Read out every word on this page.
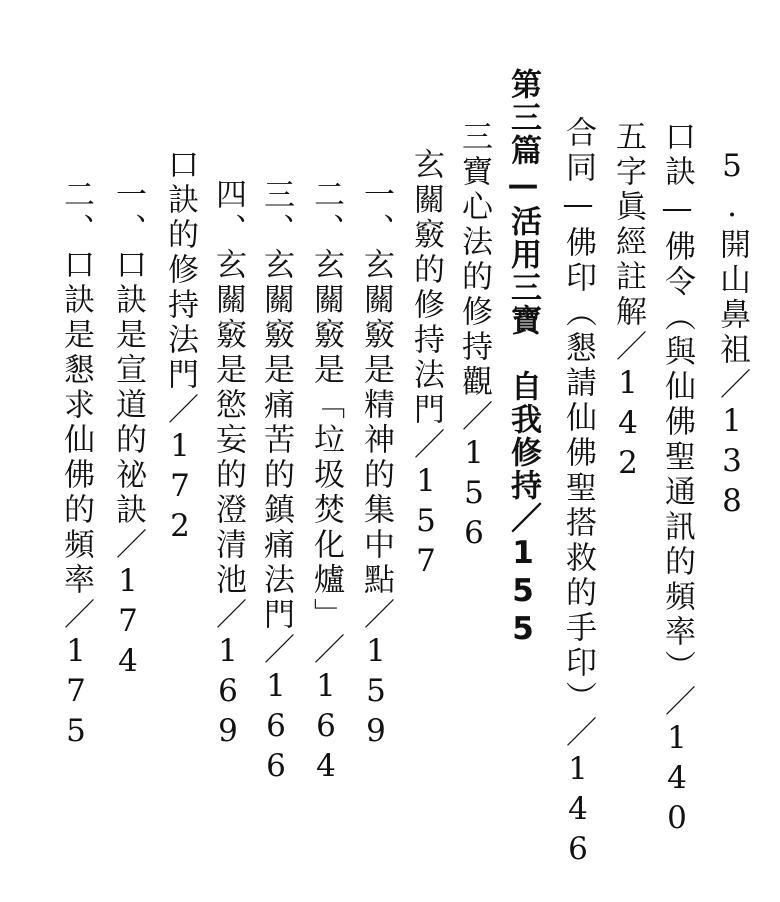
5.開山鼻祖／138
口訣—佛令（與仙佛聖通訊的頻率）／140
五字眞經註解／142
合同—佛印（懇請仙佛聖搭救的手印）／146
第三篇—活用三寶　自我修持／155
三寶心法的修持觀／156
玄關竅的修持法門／157
一、玄關竅是精神的集中點／159
二、玄關竅是「垃圾焚化爐」／164
三、玄關竅是痛苦的鎮痛法門／166
四、玄關竅是慾妄的澄清池／169
口訣的修持法門／172
一、口訣是宣道的祕訣／174
二、口訣是懇求仙佛的頻率／175
